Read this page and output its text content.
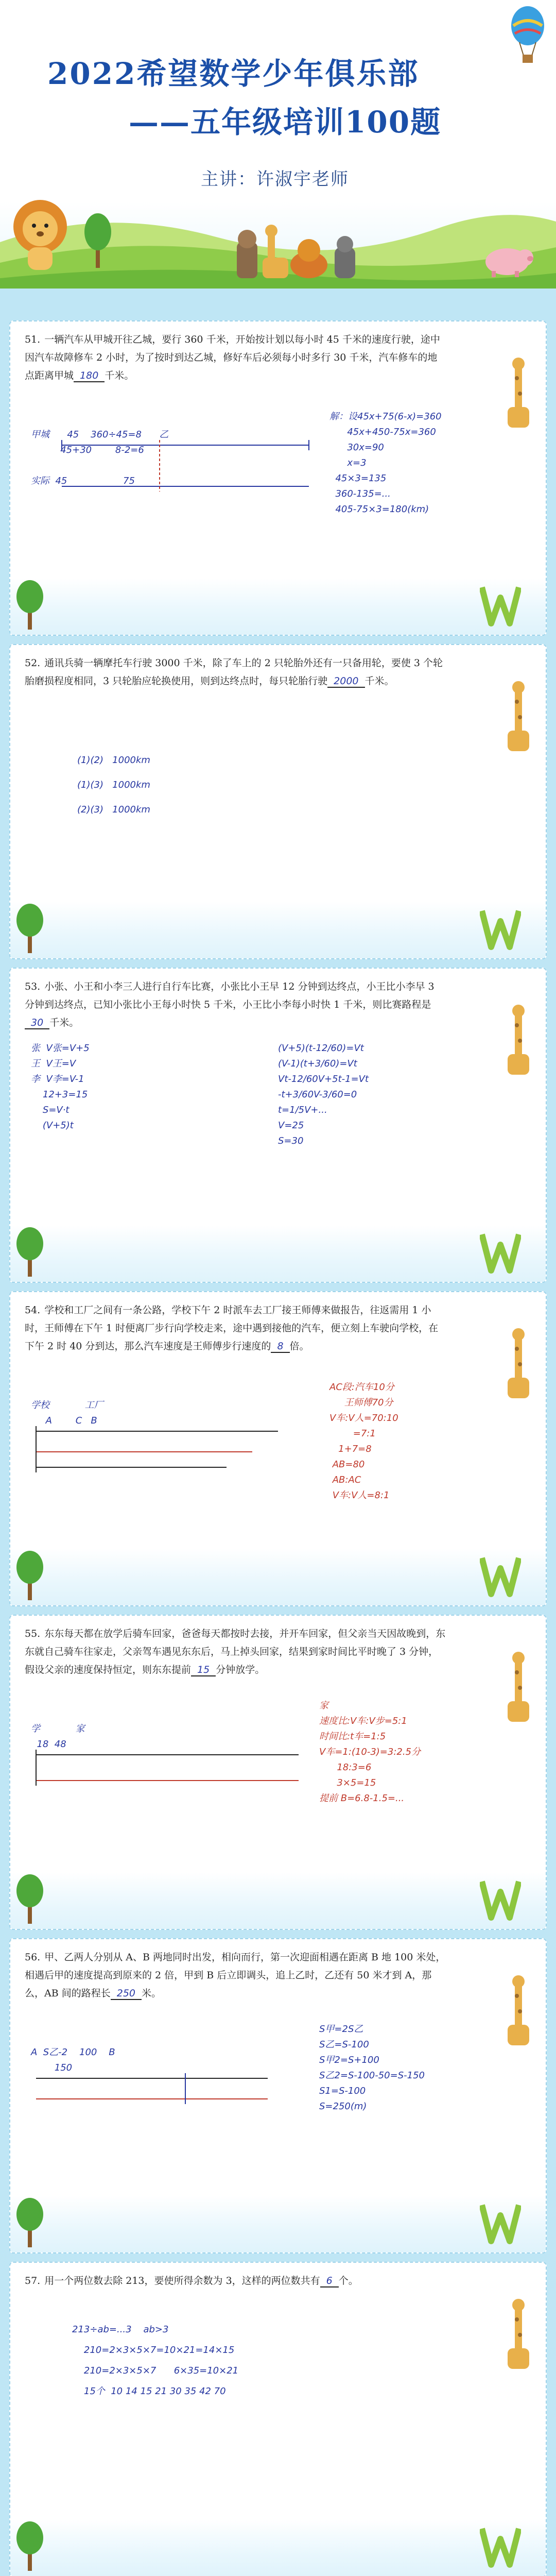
2022希望数学少年俱乐部
——五年级培训100题
主讲：许淑宇老师
51. 一辆汽车从甲城开往乙城，要行 360 千米，开始按计划以每小时 45 千米的速度行驶，途中因汽车故障修车 2 小时，为了按时到达乙城，修好车后必须每小时多行 30 千米，汽车修车的地点距离甲城 180 千米。
甲城      45    360÷45=8      乙
45+30        8-2=6

实际  45                   75
解：设45x+75(6-x)=360
45x+450-75x=360
30x=90
x=3
45×3=135
360-135=...
405-75×3=180(km)
52. 通讯兵骑一辆摩托车行驶 3000 千米，除了车上的 2 只轮胎外还有一只备用轮，要使 3 个轮胎磨损程度相同，3 只轮胎应轮换使用，则到达终点时，每只轮胎行驶 2000 千米。
(1)(2)   1000km
(1)(3)   1000km
(2)(3)   1000km
53. 小张、小王和小李三人进行自行车比赛，小张比小王早 12 分钟到达终点，小王比小李早 3 分钟到达终点，已知小张比小王每小时快 5 千米，小王比小李每小时快 1 千米，则比赛路程是30 千米。
张  V张=V+5
王  V王=V
李  V李=V-1
12+3=15
S=V·t
(V+5)t
(V+5)(t-12/60)=Vt
(V-1)(t+3/60)=Vt
Vt-12/60V+5t-1=Vt
-t+3/60V-3/60=0
t=1/5V+...
V=25
S=30
54. 学校和工厂之间有一条公路，学校下午 2 时派车去工厂接王师傅来做报告，往返需用 1 小时，王师傅在下午 1 时便离厂步行向学校走来，途中遇到接他的汽车，便立刻上车驶向学校，在下午 2 时 40 分到达，那么汽车速度是王师傅步行速度的 8 倍。
学校            工厂
A        C   B
AC段:汽车10分
王师傅70分
V车:V人=70:10
=7:1
1+7=8
AB=80
AB:AC
V车:V人=8:1
55. 东东每天都在放学后骑车回家，爸爸每天都按时去接，并开车回家，但父亲当天因故晚到，东东就自己骑车往家走，父亲驾车遇见东东后，马上掉头回家，结果到家时间比平时晚了 3 分钟，假设父亲的速度保持恒定，则东东提前 15 分钟放学。
学            家
18  48
家
速度比:V车:V步=5:1
时间比:t车=1:5
V车=1:(10-3)=3:2.5分
18:3=6
3×5=15
提前 B=6.8-1.5=...
56. 甲、乙两人分别从 A、B 两地同时出发，相向而行，第一次迎面相遇在距离 B 地 100 米处，相遇后甲的速度提高到原来的 2 倍，甲到 B 后立即调头，追上乙时，乙还有 50 米才到 A，那么，AB 间的路程长 250 米。
A  S乙-2    100    B
150
S甲=2S乙
S乙=S-100
S甲2=S+100
S乙2=S-100-50=S-150
S1=S-100
S=250(m)
57. 用一个两位数去除 213，要使所得余数为 3，这样的两位数共有 6 个。
213÷ab=...3    ab>3
210=2×3×5×7=10×21=14×15
210=2×3×5×7      6×35=10×21
15个  10 14 15 21 30 35 42 70
